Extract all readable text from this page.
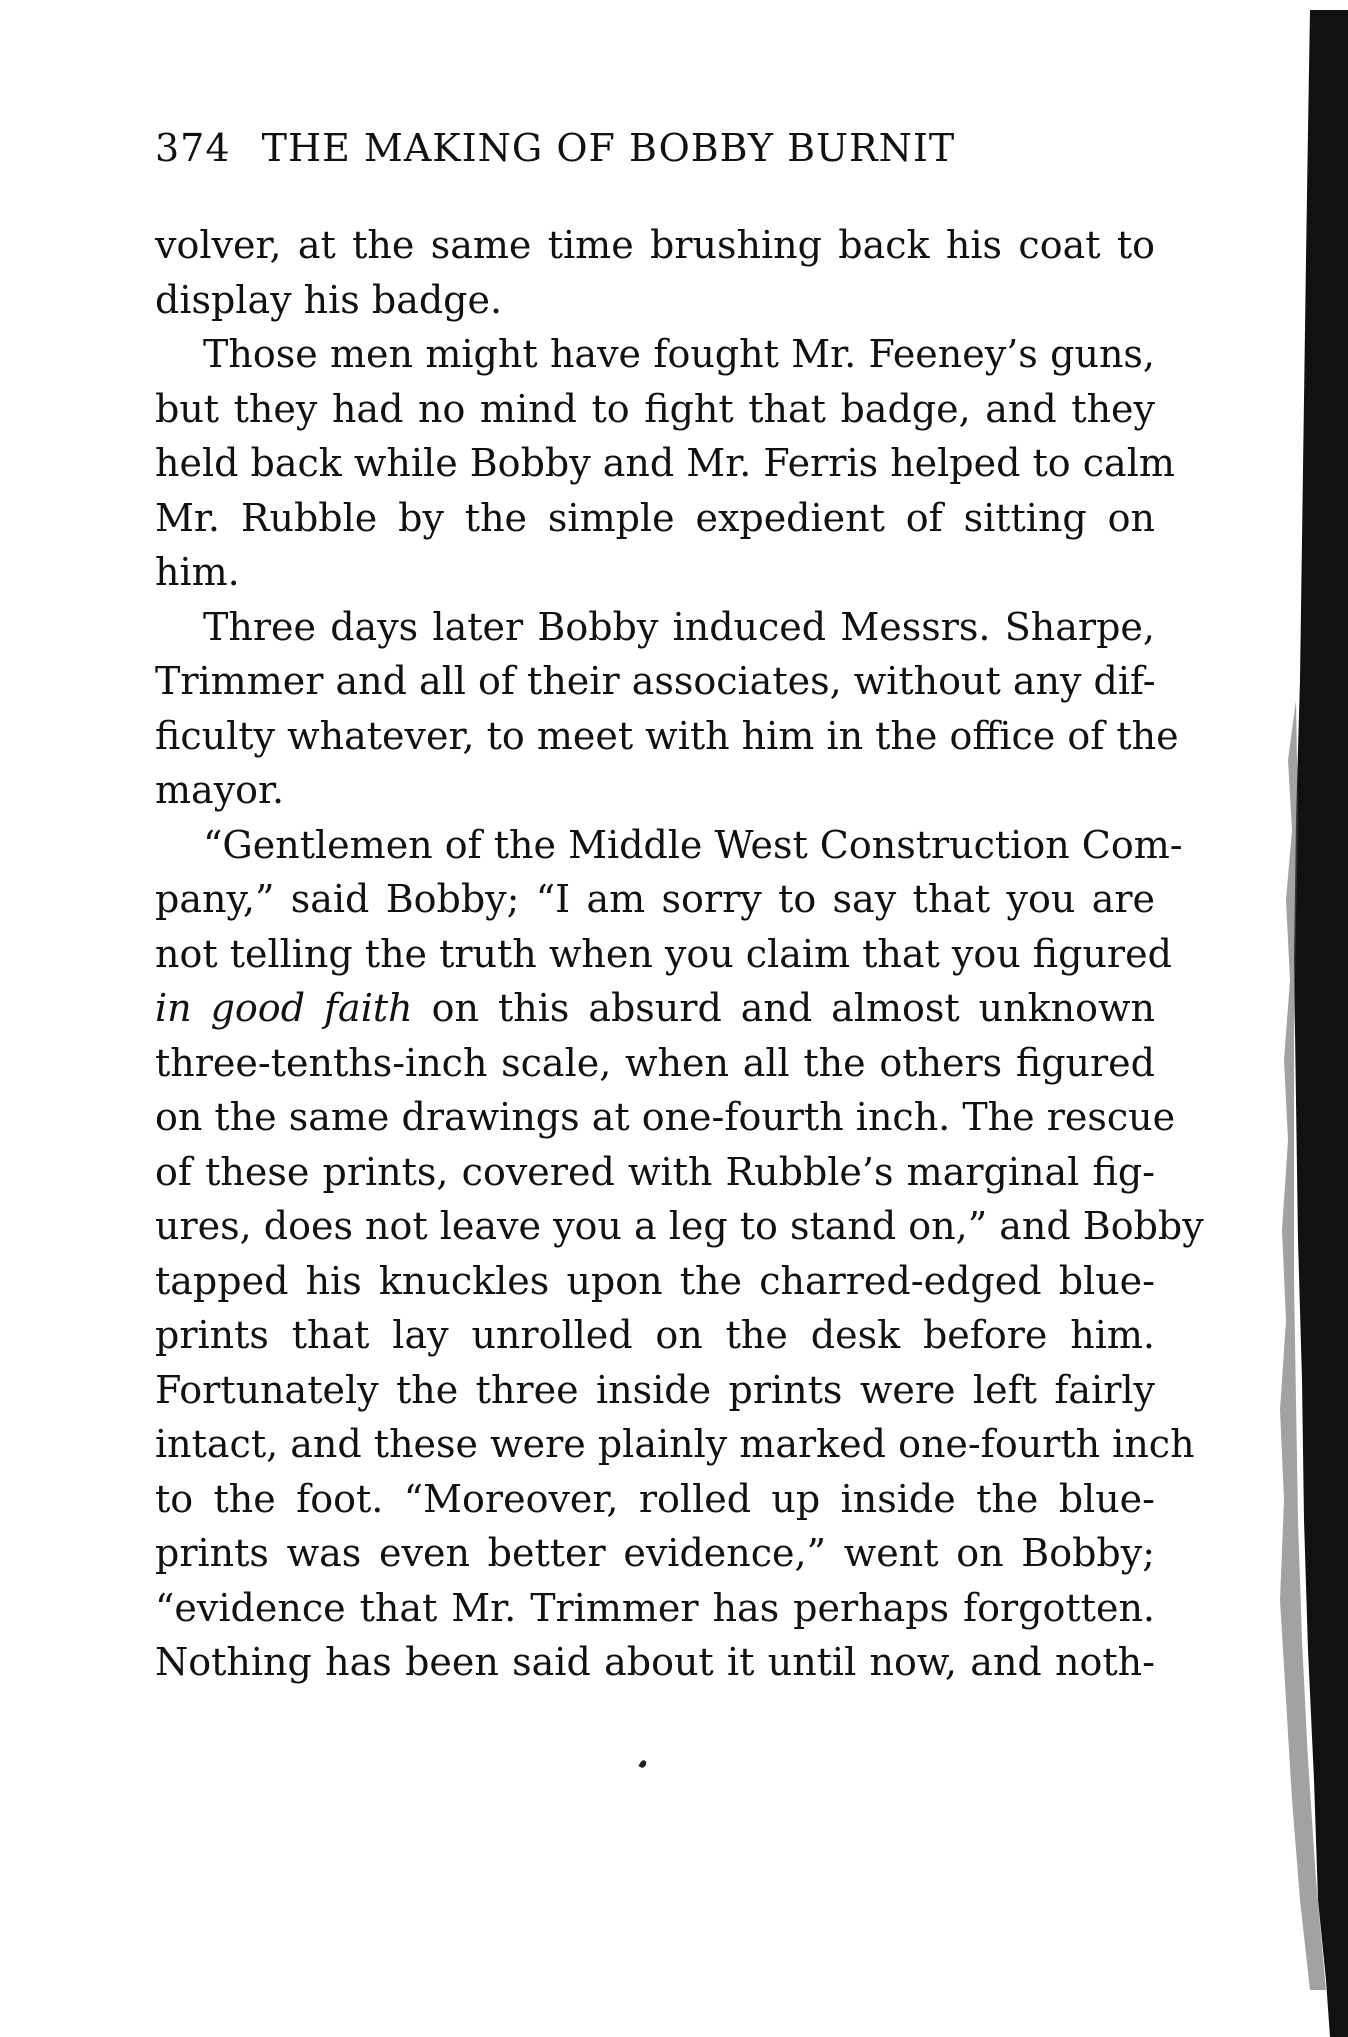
374 THE MAKING OF BOBBY BURNIT
volver, at the same time brushing back his coat to
display his badge.
Those men might have fought Mr. Feeney’s guns,
but they had no mind to fight that badge, and they
held back while Bobby and Mr. Ferris helped to calm
Mr. Rubble by the simple expedient of sitting on
him.
Three days later Bobby induced Messrs. Sharpe,
Trimmer and all of their associates, without any dif-
ficulty whatever, to meet with him in the office of the
mayor.
“Gentlemen of the Middle West Construction Com-
pany,” said Bobby; “I am sorry to say that you are
not telling the truth when you claim that you figured
in good faith on this absurd and almost unknown
three-tenths-inch scale, when all the others figured
on the same drawings at one-fourth inch. The rescue
of these prints, covered with Rubble’s marginal fig-
ures, does not leave you a leg to stand on,” and Bobby
tapped his knuckles upon the charred-edged blue-
prints that lay unrolled on the desk before him.
Fortunately the three inside prints were left fairly
intact, and these were plainly marked one-fourth inch
to the foot. “Moreover, rolled up inside the blue-
prints was even better evidence,” went on Bobby;
“evidence that Mr. Trimmer has perhaps forgotten.
Nothing has been said about it until now, and noth-
